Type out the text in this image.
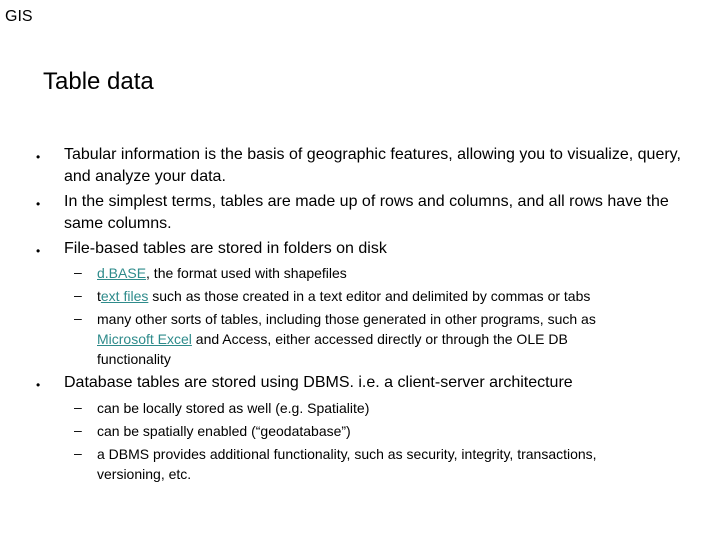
GIS
Table data
• Tabular information is the basis of geographic features, allowing you to visualize, query, and analyze your data.
• In the simplest terms, tables are made up of rows and columns, and all rows have the same columns.
• File-based tables are stored in folders on disk
– d.BASE, the format used with shapefiles
– text files such as those created in a text editor and delimited by commas or tabs
– many other sorts of tables, including those generated in other programs, such as
Microsoft Excel and Access, either accessed directly or through the OLE DB
functionality
• Database tables are stored using DBMS. i.e. a client-server architecture
– can be locally stored as well (e.g. Spatialite)
– can be spatially enabled (“geodatabase”)
– a DBMS provides additional functionality, such as security, integrity, transactions,
versioning, etc.
